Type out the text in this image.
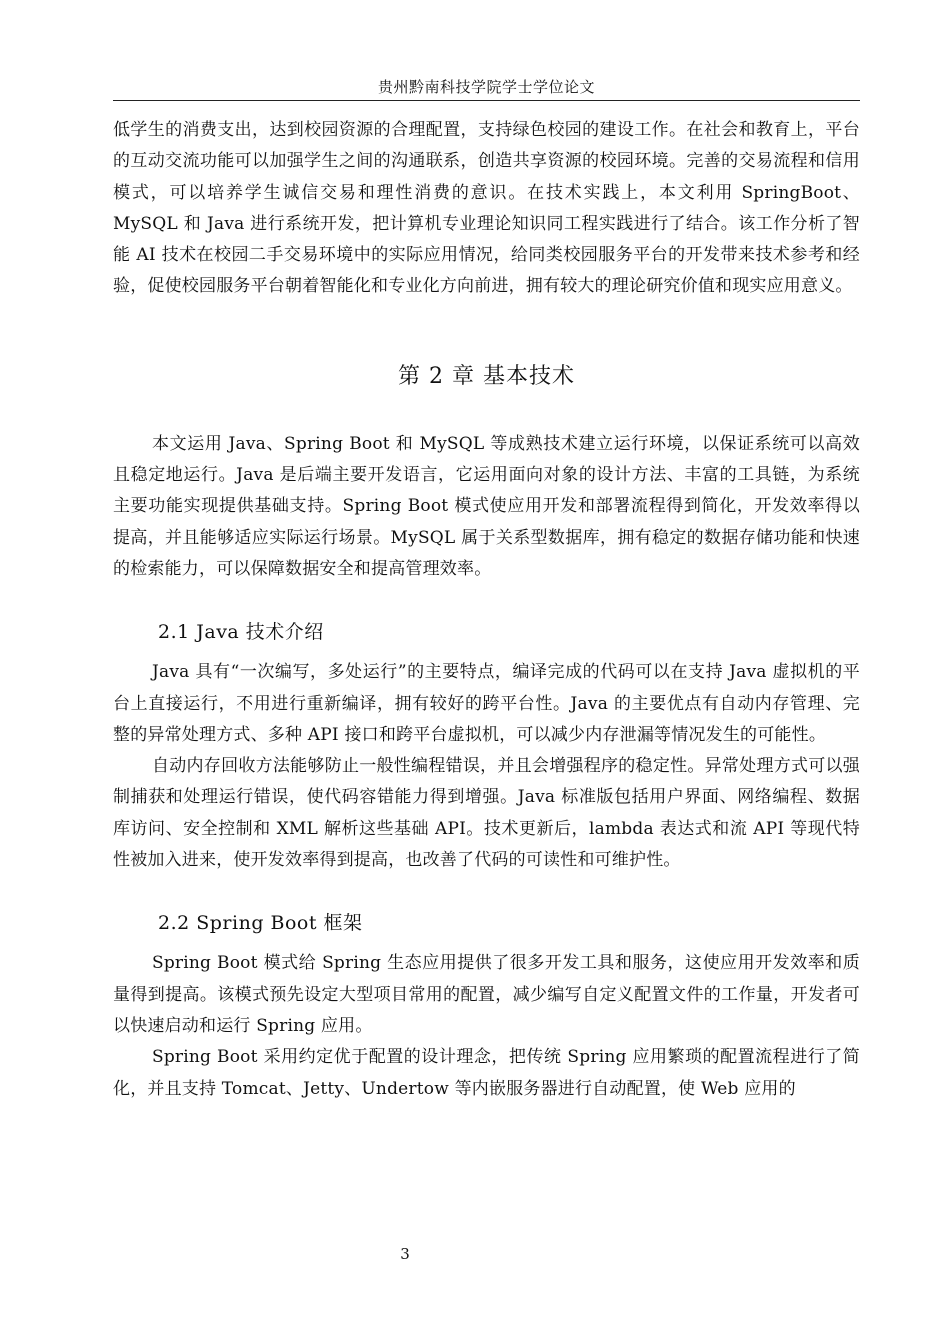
贵州黔南科技学院学士学位论文

低学生的消费支出，达到校园资源的合理配置，支持绿色校园的建设工作。在社会和教育上，平台的互动交流功能可以加强学生之间的沟通联系，创造共享资源的校园环境。完善的交易流程和信用模式，可以培养学生诚信交易和理性消费的意识。在技术实践上，本文利用 SpringBoot、MySQL 和 Java 进行系统开发，把计算机专业理论知识同工程实践进行了结合。该工作分析了智能 AI 技术在校园二手交易环境中的实际应用情况，给同类校园服务平台的开发带来技术参考和经验，促使校园服务平台朝着智能化和专业化方向前进，拥有较大的理论研究价值和现实应用意义。

第 2 章 基本技术

本文运用 Java、Spring Boot 和 MySQL 等成熟技术建立运行环境，以保证系统可以高效且稳定地运行。Java 是后端主要开发语言，它运用面向对象的设计方法、丰富的工具链，为系统主要功能实现提供基础支持。Spring Boot 模式使应用开发和部署流程得到简化，开发效率得以提高，并且能够适应实际运行场景。MySQL 属于关系型数据库，拥有稳定的数据存储功能和快速的检索能力，可以保障数据安全和提高管理效率。

2.1 Java 技术介绍

Java 具有“一次编写，多处运行”的主要特点，编译完成的代码可以在支持 Java 虚拟机的平台上直接运行，不用进行重新编译，拥有较好的跨平台性。Java 的主要优点有自动内存管理、完整的异常处理方式、多种 API 接口和跨平台虚拟机，可以减少内存泄漏等情况发生的可能性。

自动内存回收方法能够防止一般性编程错误，并且会增强程序的稳定性。异常处理方式可以强制捕获和处理运行错误，使代码容错能力得到增强。Java 标准版包括用户界面、网络编程、数据库访问、安全控制和 XML 解析这些基础 API。技术更新后，lambda 表达式和流 API 等现代特性被加入进来，使开发效率得到提高，也改善了代码的可读性和可维护性。

2.2 Spring Boot 框架

Spring Boot 模式给 Spring 生态应用提供了很多开发工具和服务，这使应用开发效率和质量得到提高。该模式预先设定大型项目常用的配置，减少编写自定义配置文件的工作量，开发者可以快速启动和运行 Spring 应用。

Spring Boot 采用约定优于配置的设计理念，把传统 Spring 应用繁琐的配置流程进行了简化，并且支持 Tomcat、Jetty、Undertow 等内嵌服务器进行自动配置，使 Web 应用的

3
